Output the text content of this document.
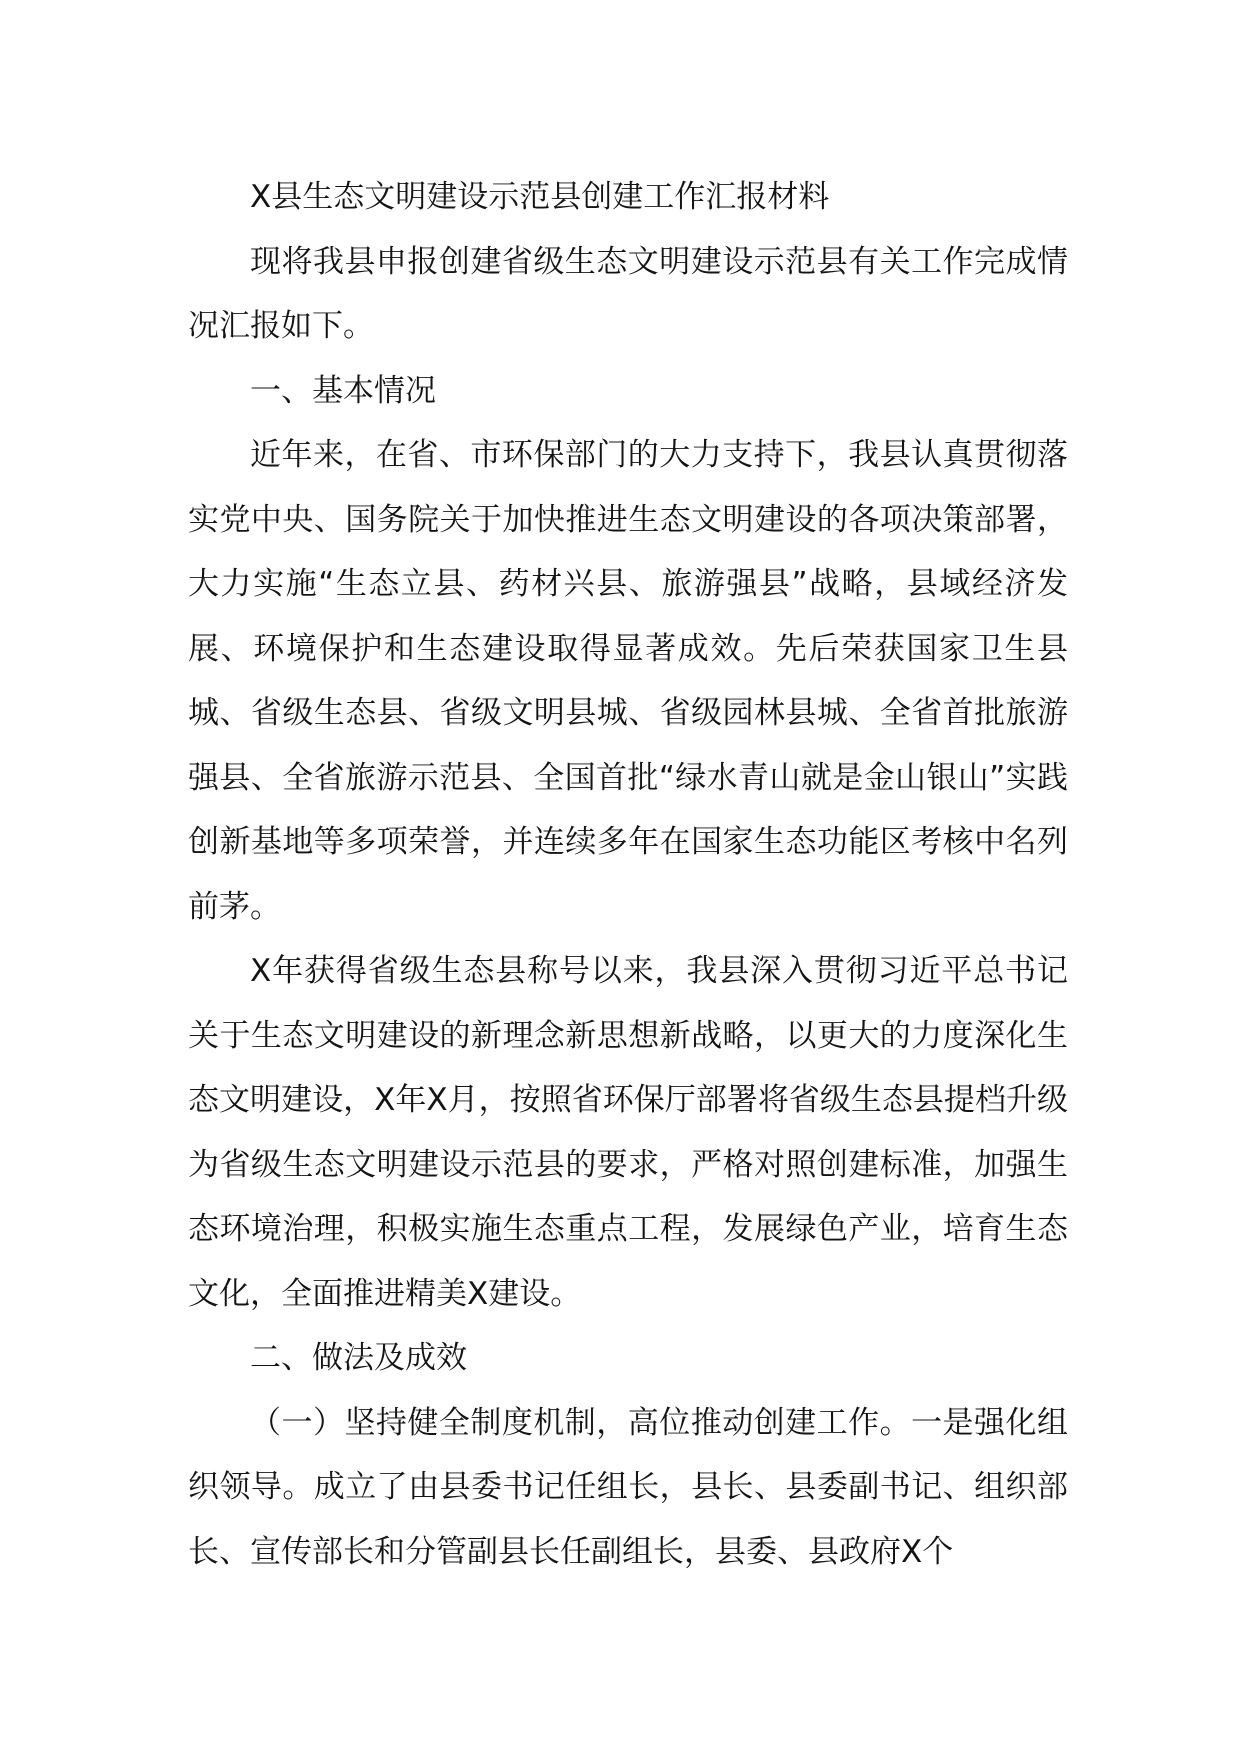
X县生态文明建设示范县创建工作汇报材料

现将我县申报创建省级生态文明建设示范县有关工作完成情况汇报如下。

一、基本情况

近年来，在省、市环保部门的大力支持下，我县认真贯彻落实党中央、国务院关于加快推进生态文明建设的各项决策部署，大力实施“生态立县、药材兴县、旅游强县”战略，县域经济发展、环境保护和生态建设取得显著成效。先后荣获国家卫生县城、省级生态县、省级文明县城、省级园林县城、全省首批旅游强县、全省旅游示范县、全国首批“绿水青山就是金山银山”实践创新基地等多项荣誉，并连续多年在国家生态功能区考核中名列前茅。

X年获得省级生态县称号以来，我县深入贯彻习近平总书记关于生态文明建设的新理念新思想新战略，以更大的力度深化生态文明建设，X年X月，按照省环保厅部署将省级生态县提档升级为省级生态文明建设示范县的要求，严格对照创建标准，加强生态环境治理，积极实施生态重点工程，发展绿色产业，培育生态文化，全面推进精美X建设。

二、做法及成效

（一）坚持健全制度机制，高位推动创建工作。一是强化组织领导。成立了由县委书记任组长，县长、县委副书记、组织部长、宣传部长和分管副县长任副组长，县委、县政府X个
